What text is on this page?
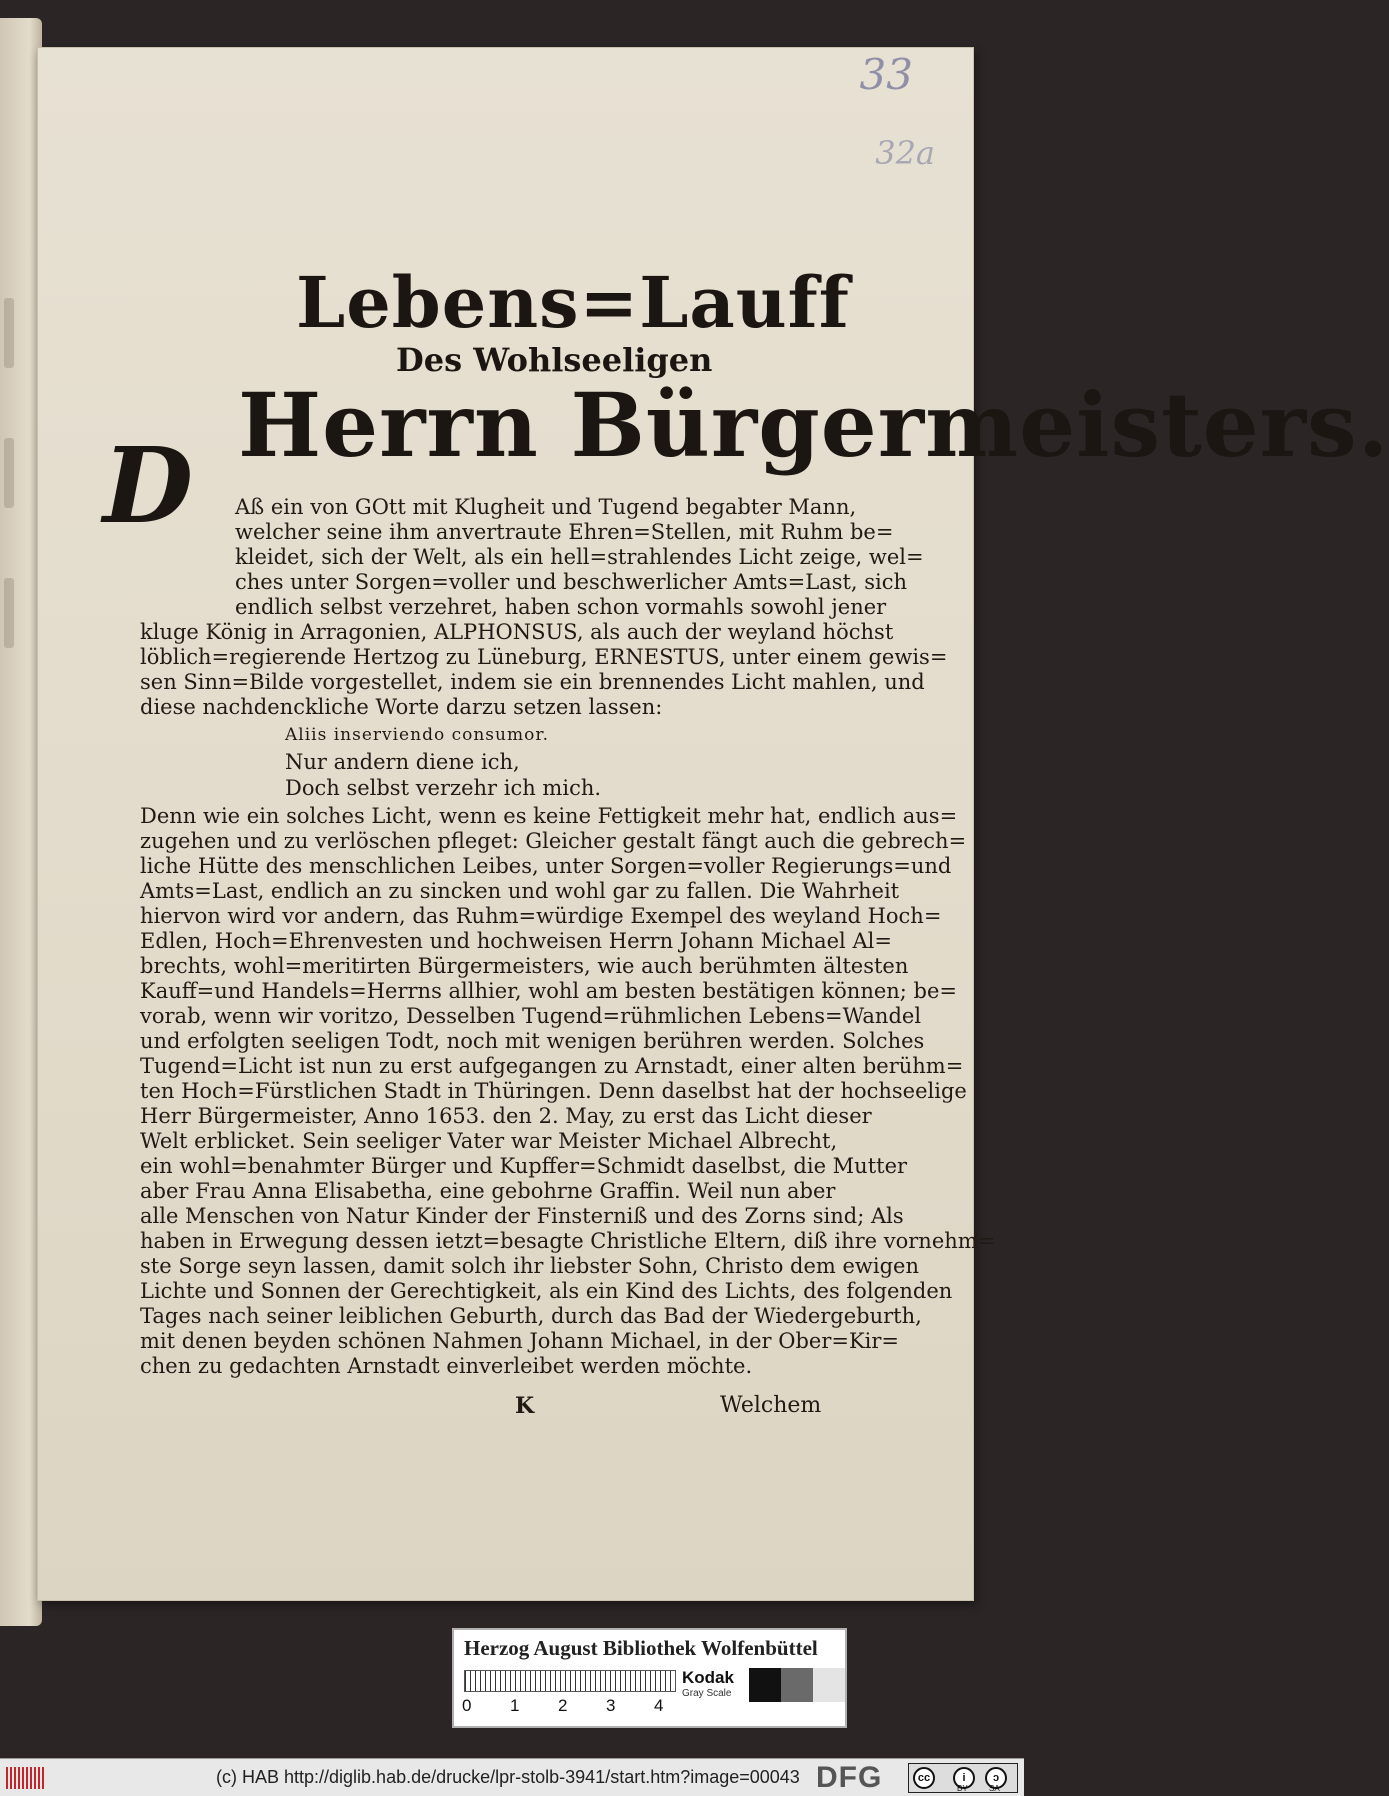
33
32a
Lebens=Lauff
Des Wohlseeligen
Herrn Bürgermeisters.
D Aß ein von GOtt mit Klugheit und Tugend begabter Mann,
welcher seine ihm anvertraute Ehren=Stellen, mit Ruhm be=
kleidet, sich der Welt, als ein hell=strahlendes Licht zeige, wel=
ches unter Sorgen=voller und beschwerlicher Amts=Last, sich
endlich selbst verzehret, haben schon vormahls sowohl jener
kluge König in Arragonien, ALPHONSUS, als auch der weyland höchst
löblich=regierende Hertzog zu Lüneburg, ERNESTUS, unter einem gewis=
sen Sinn=Bilde vorgestellet, indem sie ein brennendes Licht mahlen, und
diese nachdenckliche Worte darzu setzen lassen:
Aliis inserviendo consumor.
Nur andern diene ich,
Doch selbst verzehr ich mich.
Denn wie ein solches Licht, wenn es keine Fettigkeit mehr hat, endlich aus=
zugehen und zu verlöschen pfleget: Gleicher gestalt fängt auch die gebrech=
liche Hütte des menschlichen Leibes, unter Sorgen=voller Regierungs=und
Amts=Last, endlich an zu sincken und wohl gar zu fallen. Die Wahrheit
hiervon wird vor andern, das Ruhm=würdige Exempel des weyland Hoch=
Edlen, Hoch=Ehrenvesten und hochweisen Herrn Johann Michael Al=
brechts, wohl=meritirten Bürgermeisters, wie auch berühmten ältesten
Kauff=und Handels=Herrns allhier, wohl am besten bestätigen können; be=
vorab, wenn wir voritzo, Desselben Tugend=rühmlichen Lebens=Wandel
und erfolgten seeligen Todt, noch mit wenigen berühren werden. Solches
Tugend=Licht ist nun zu erst aufgegangen zu Arnstadt, einer alten berühm=
ten Hoch=Fürstlichen Stadt in Thüringen. Denn daselbst hat der hochseelige
Herr Bürgermeister, Anno 1653. den 2. May, zu erst das Licht dieser
Welt erblicket. Sein seeliger Vater war Meister Michael Albrecht,
ein wohl=benahmter Bürger und Kupffer=Schmidt daselbst, die Mutter
aber Frau Anna Elisabetha, eine gebohrne Graffin. Weil nun aber
alle Menschen von Natur Kinder der Finsterniß und des Zorns sind; Als
haben in Erwegung dessen ietzt=besagte Christliche Eltern, diß ihre vornehm=
ste Sorge seyn lassen, damit solch ihr liebster Sohn, Christo dem ewigen
Lichte und Sonnen der Gerechtigkeit, als ein Kind des Lichts, des folgenden
Tages nach seiner leiblichen Geburth, durch das Bad der Wiedergeburth,
mit denen beyden schönen Nahmen Johann Michael, in der Ober=Kir=
chen zu gedachten Arnstadt einverleibet werden möchte.
K	Welchem
Herzog August Bibliothek Wolfenbüttel
0 1 2 3 4
Kodak
Gray Scale
(c) HAB http://diglib.hab.de/drucke/lpr-stolb-3941/start.htm?image=00043 DFG	cc	i	ↄ
BY	SA
